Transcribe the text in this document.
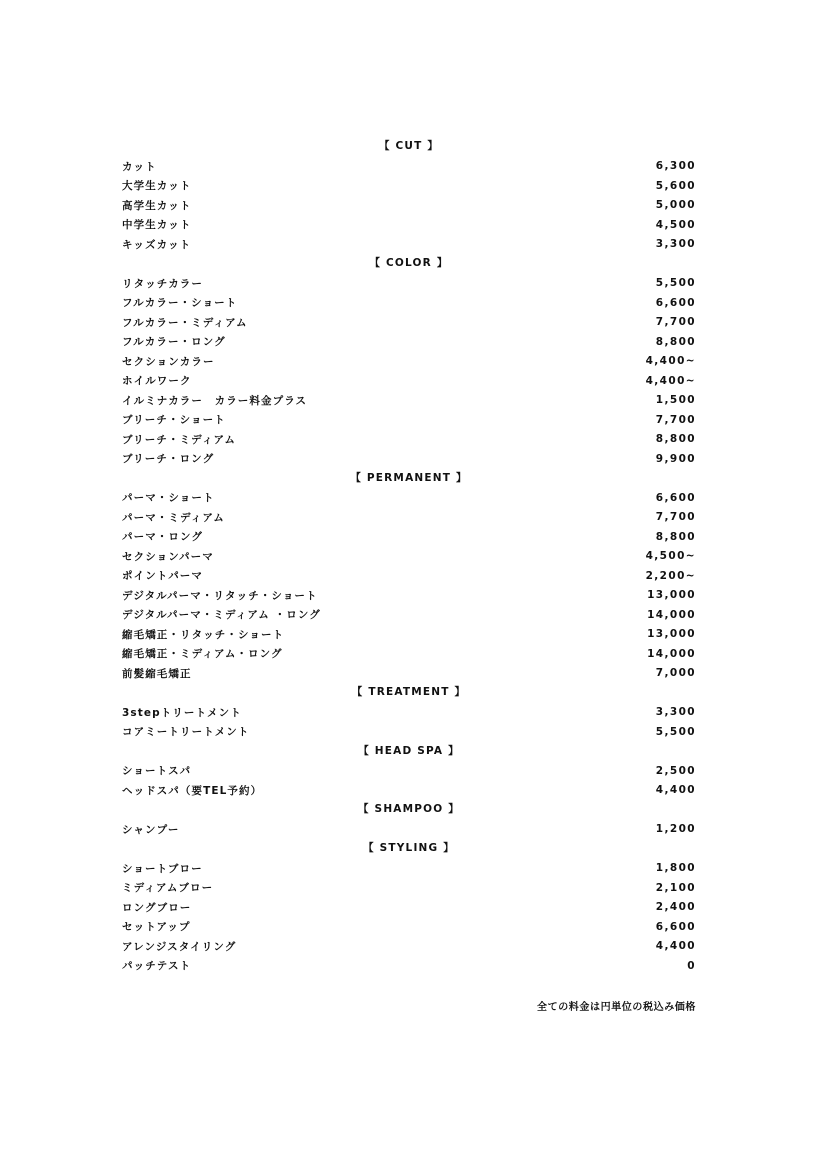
【 CUT 】
カット	6,300
大学生カット	5,600
高学生カット	5,000
中学生カット	4,500
キッズカット	3,300
【 COLOR 】
リタッチカラー	5,500
フルカラー・ショート	6,600
フルカラー・ミディアム	7,700
フルカラー・ロング	8,800
セクションカラー	4,400~
ホイルワーク	4,400~
イルミナカラー　カラー料金プラス	1,500
ブリーチ・ショート	7,700
ブリーチ・ミディアム	8,800
ブリーチ・ロング	9,900
【 PERMANENT 】
パーマ・ショート	6,600
パーマ・ミディアム	7,700
パーマ・ロング	8,800
セクションパーマ	4,500~
ポイントパーマ	2,200~
デジタルパーマ・リタッチ・ショート	13,000
デジタルパーマ・ミディアム ・ロング	14,000
縮毛矯正・リタッチ・ショート	13,000
縮毛矯正・ミディアム・ロング	14,000
前髪縮毛矯正	7,000
【 TREATMENT 】
3stepトリートメント	3,300
コアミートリートメント	5,500
【 HEAD SPA 】
ショートスパ	2,500
ヘッドスパ（要TEL予約）	4,400
【 SHAMPOO 】
シャンプー	1,200
【 STYLING 】
ショートブロー	1,800
ミディアムブロー	2,100
ロングブロー	2,400
セットアップ	6,600
アレンジスタイリング	4,400
パッチテスト	0
全ての料金は円単位の税込み価格
